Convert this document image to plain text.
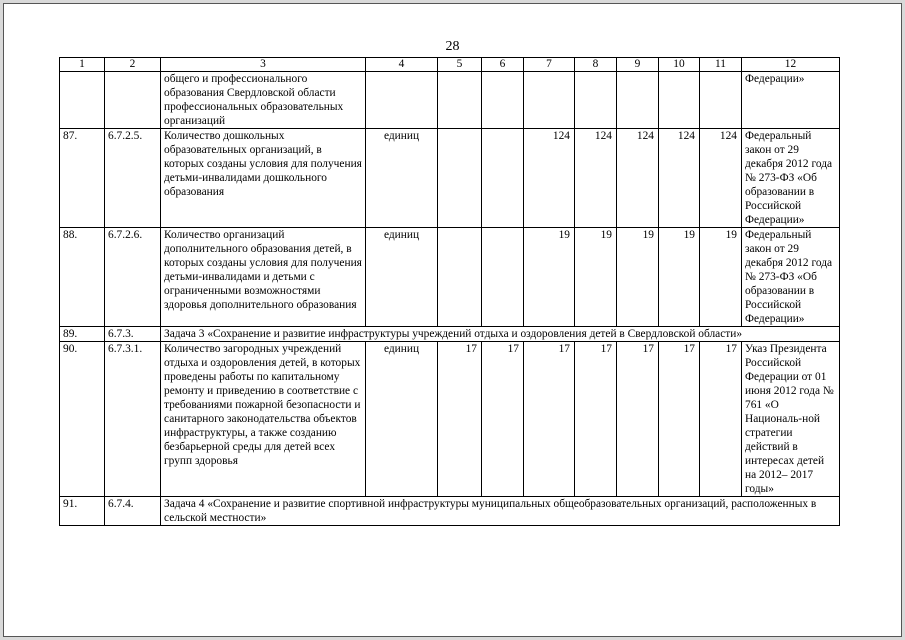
28
1	2	3	4	5	6	7	8	9	10	11	12
		общего и профессионального образования Свердловской области профессиональных образовательных организаций									Федерации»
87.	6.7.2.5.	Количество дошкольных образовательных организаций, в которых созданы условия для получения детьми-инвалидами дошкольного образования	единиц			124	124	124	124	124	Федеральный закон от 29 декабря 2012 года № 273-ФЗ «Об образовании в Российской Федерации»
88.	6.7.2.6.	Количество организаций дополнительного образования детей, в которых созданы условия для получения детьми-инвалидами и детьми с ограниченными возможностями здоровья дополнительного образования	единиц			19	19	19	19	19	Федеральный закон от 29 декабря 2012 года № 273-ФЗ «Об образовании в Российской Федерации»
89.	6.7.3.	Задача 3 «Сохранение и развитие инфраструктуры учреждений отдыха и оздоровления детей в Свердловской области»									
90.	6.7.3.1.	Количество загородных учреждений отдыха и оздоровления детей, в которых проведены работы по капитальному ремонту и приведению в соответствие с требованиями пожарной безопасности и санитарного законодательства объектов инфраструктуры, а также созданию безбарьерной среды для детей всех групп здоровья	единиц	17	17	17	17	17	17	17	Указ Президента Российской Федерации от 01 июня 2012 года № 761 «О Националь-ной стратегии действий в интересах детей на 2012– 2017 годы»
91.	6.7.4.	Задача 4 «Сохранение и развитие спортивной инфраструктуры муниципальных общеобразовательных организаций, расположенных в сельской местности»									
